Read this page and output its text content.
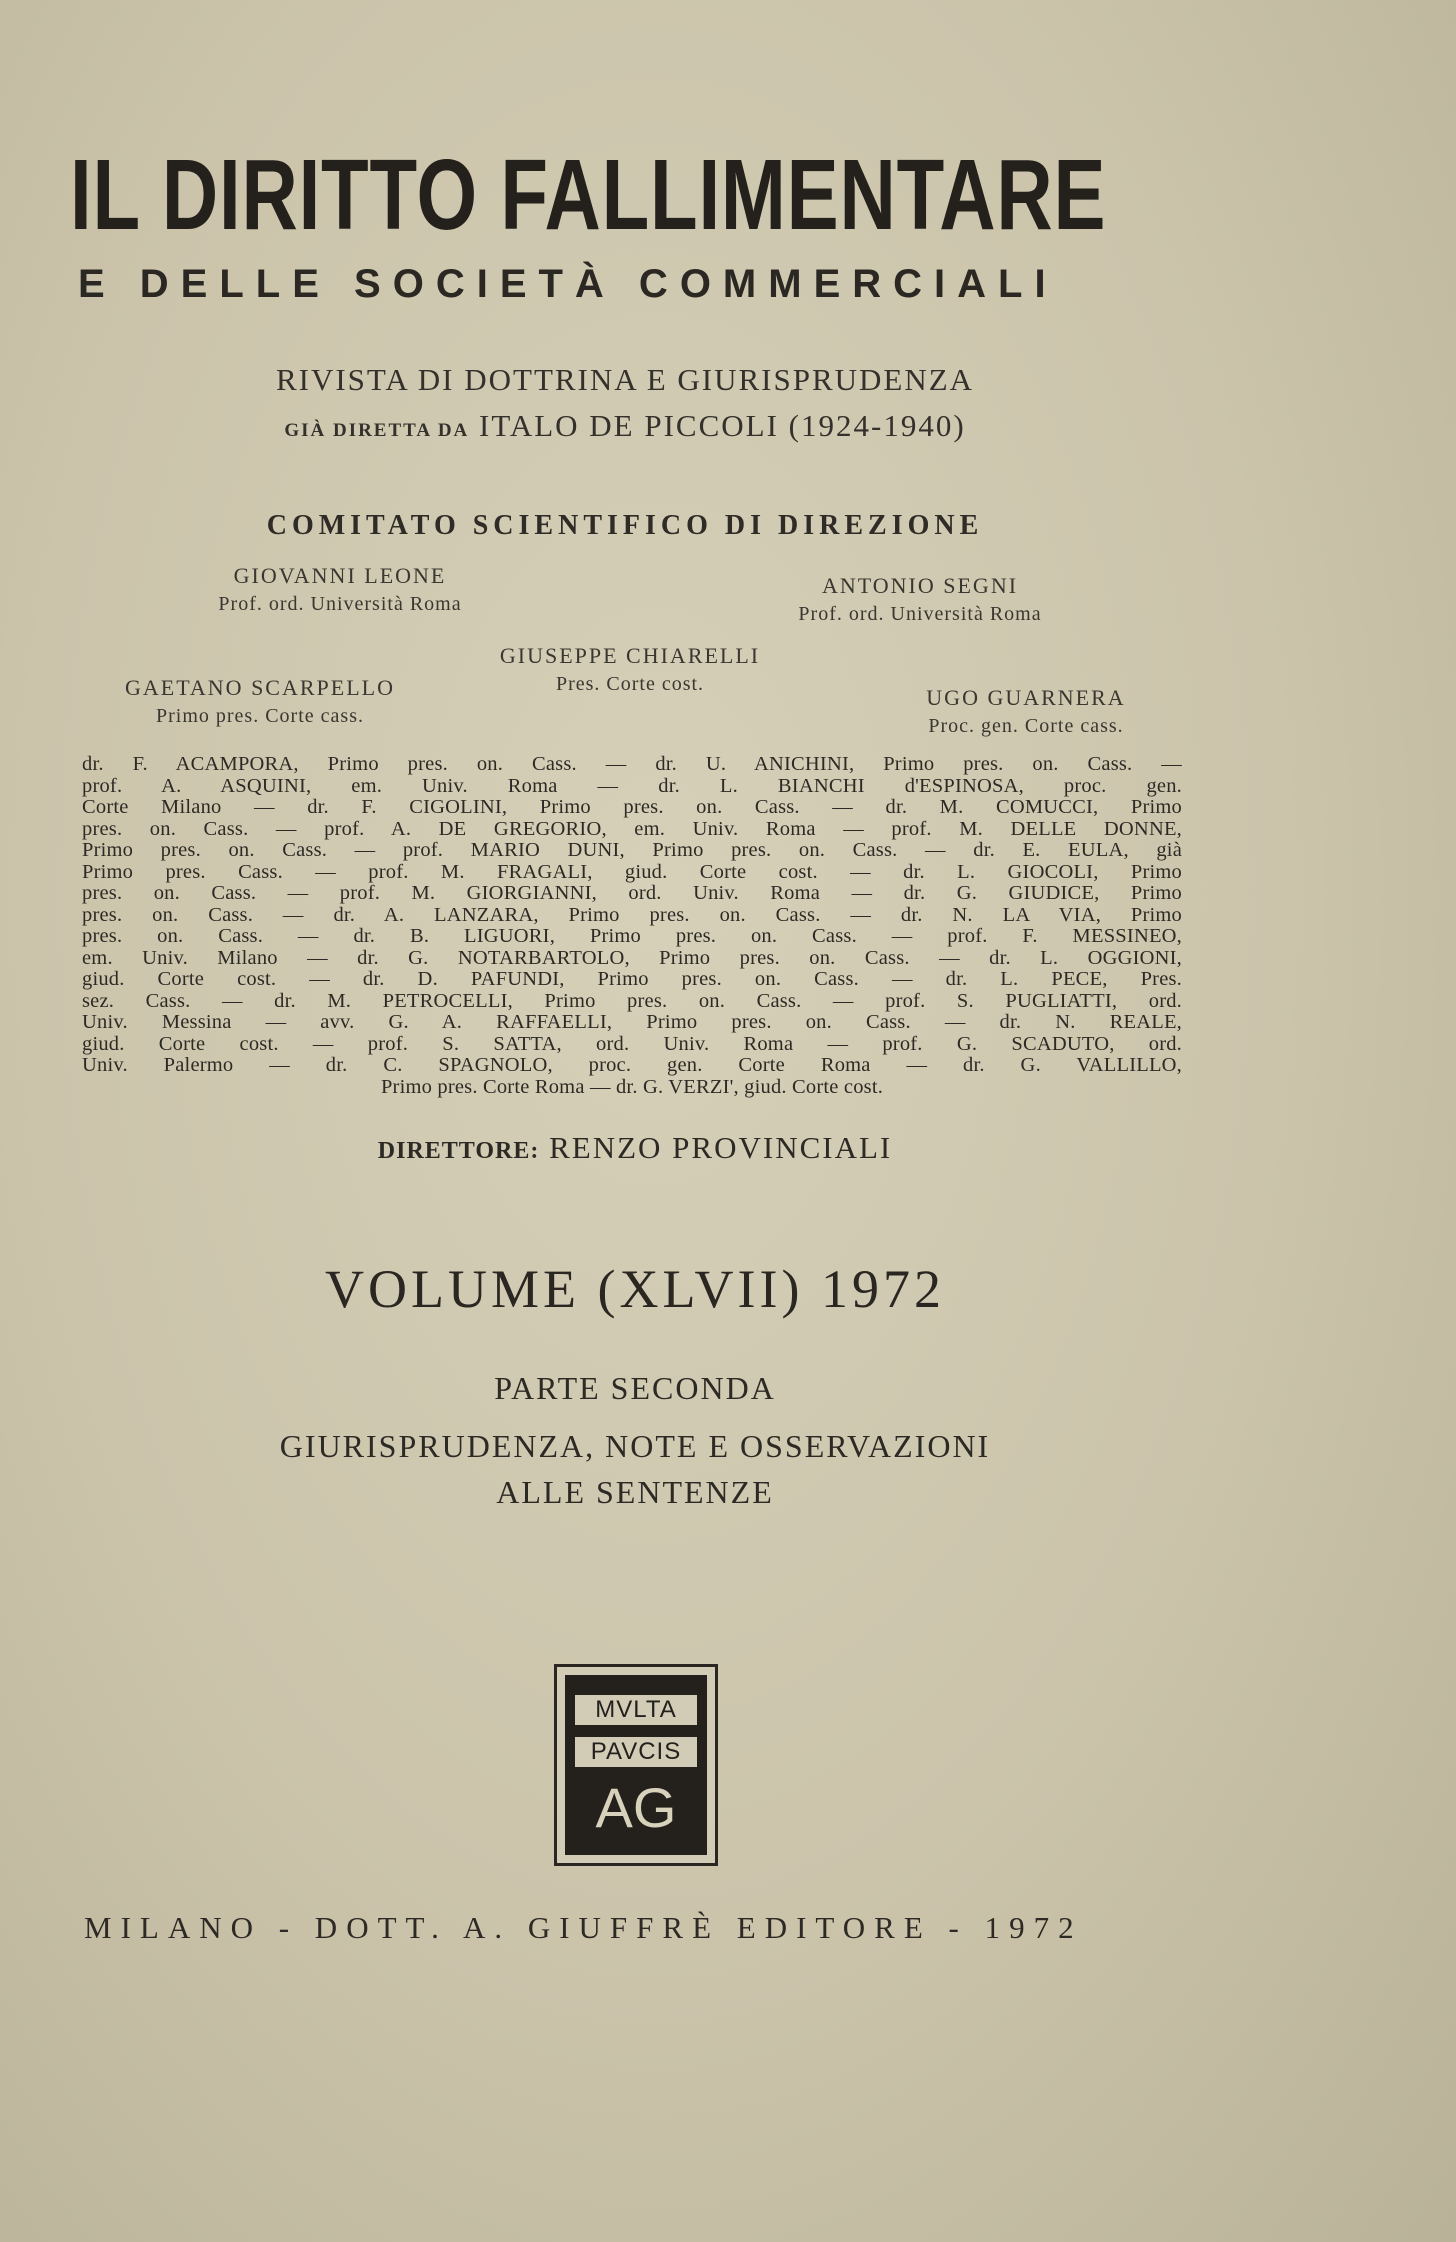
IL DIRITTO FALLIMENTARE
E DELLE SOCIETÀ COMMERCIALI
RIVISTA DI DOTTRINA E GIURISPRUDENZA
GIÀ DIRETTA DA ITALO DE PICCOLI (1924-1940)
COMITATO SCIENTIFICO DI DIREZIONE
GIOVANNI LEONE
Prof. ord. Università Roma
ANTONIO SEGNI
Prof. ord. Università Roma
GIUSEPPE CHIARELLI
Pres. Corte cost.
GAETANO SCARPELLO
Primo pres. Corte cass.
UGO GUARNERA
Proc. gen. Corte cass.
dr. F. ACAMPORA, Primo pres. on. Cass. — dr. U. ANICHINI, Primo pres. on. Cass. —
prof. A. ASQUINI, em. Univ. Roma — dr. L. BIANCHI d'ESPINOSA, proc. gen.
Corte Milano — dr. F. CIGOLINI, Primo pres. on. Cass. — dr. M. COMUCCI, Primo
pres. on. Cass. — prof. A. DE GREGORIO, em. Univ. Roma — prof. M. DELLE DONNE,
Primo pres. on. Cass. — prof. MARIO DUNI, Primo pres. on. Cass. — dr. E. EULA, già
Primo pres. Cass. — prof. M. FRAGALI, giud. Corte cost. — dr. L. GIOCOLI, Primo
pres. on. Cass. — prof. M. GIORGIANNI, ord. Univ. Roma — dr. G. GIUDICE, Primo
pres. on. Cass. — dr. A. LANZARA, Primo pres. on. Cass. — dr. N. LA VIA, Primo
pres. on. Cass. — dr. B. LIGUORI, Primo pres. on. Cass. — prof. F. MESSINEO,
em. Univ. Milano — dr. G. NOTARBARTOLO, Primo pres. on. Cass. — dr. L. OGGIONI,
giud. Corte cost. — dr. D. PAFUNDI, Primo pres. on. Cass. — dr. L. PECE, Pres.
sez. Cass. — dr. M. PETROCELLI, Primo pres. on. Cass. — prof. S. PUGLIATTI, ord.
Univ. Messina — avv. G. A. RAFFAELLI, Primo pres. on. Cass. — dr. N. REALE,
giud. Corte cost. — prof. S. SATTA, ord. Univ. Roma — prof. G. SCADUTO, ord.
Univ. Palermo — dr. C. SPAGNOLO, proc. gen. Corte Roma — dr. G. VALLILLO,
Primo pres. Corte Roma — dr. G. VERZI', giud. Corte cost.
DIRETTORE: RENZO PROVINCIALI
VOLUME (XLVII) 1972
PARTE SECONDA
GIURISPRUDENZA, NOTE E OSSERVAZIONI
ALLE SENTENZE
MVLTA
PAVCIS
AG
MILANO - DOTT. A. GIUFFRÈ EDITORE - 1972
